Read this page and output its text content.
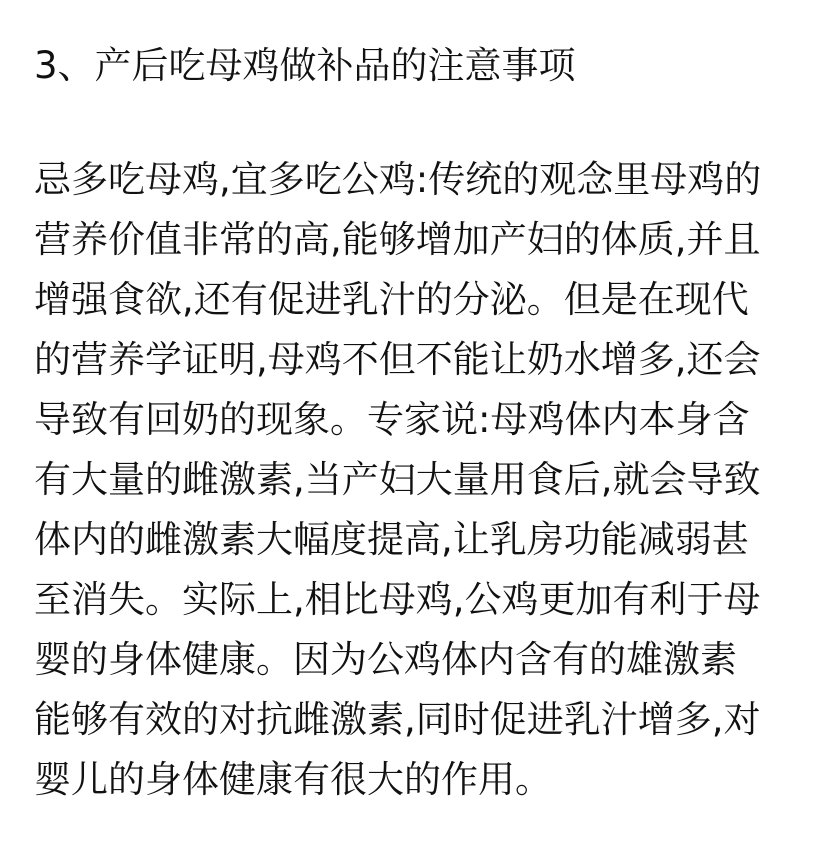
3、产后吃母鸡做补品的注意事项
忌多吃母鸡,宜多吃公鸡:传统的观念里母鸡的
营养价值非常的高,能够增加产妇的体质,并且
增强食欲,还有促进乳汁的分泌。但是在现代
的营养学证明,母鸡不但不能让奶水增多,还会
导致有回奶的现象。专家说:母鸡体内本身含
有大量的雌激素,当产妇大量用食后,就会导致
体内的雌激素大幅度提高,让乳房功能减弱甚
至消失。实际上,相比母鸡,公鸡更加有利于母
婴的身体健康。因为公鸡体内含有的雄激素
能够有效的对抗雌激素,同时促进乳汁增多,对
婴儿的身体健康有很大的作用。
